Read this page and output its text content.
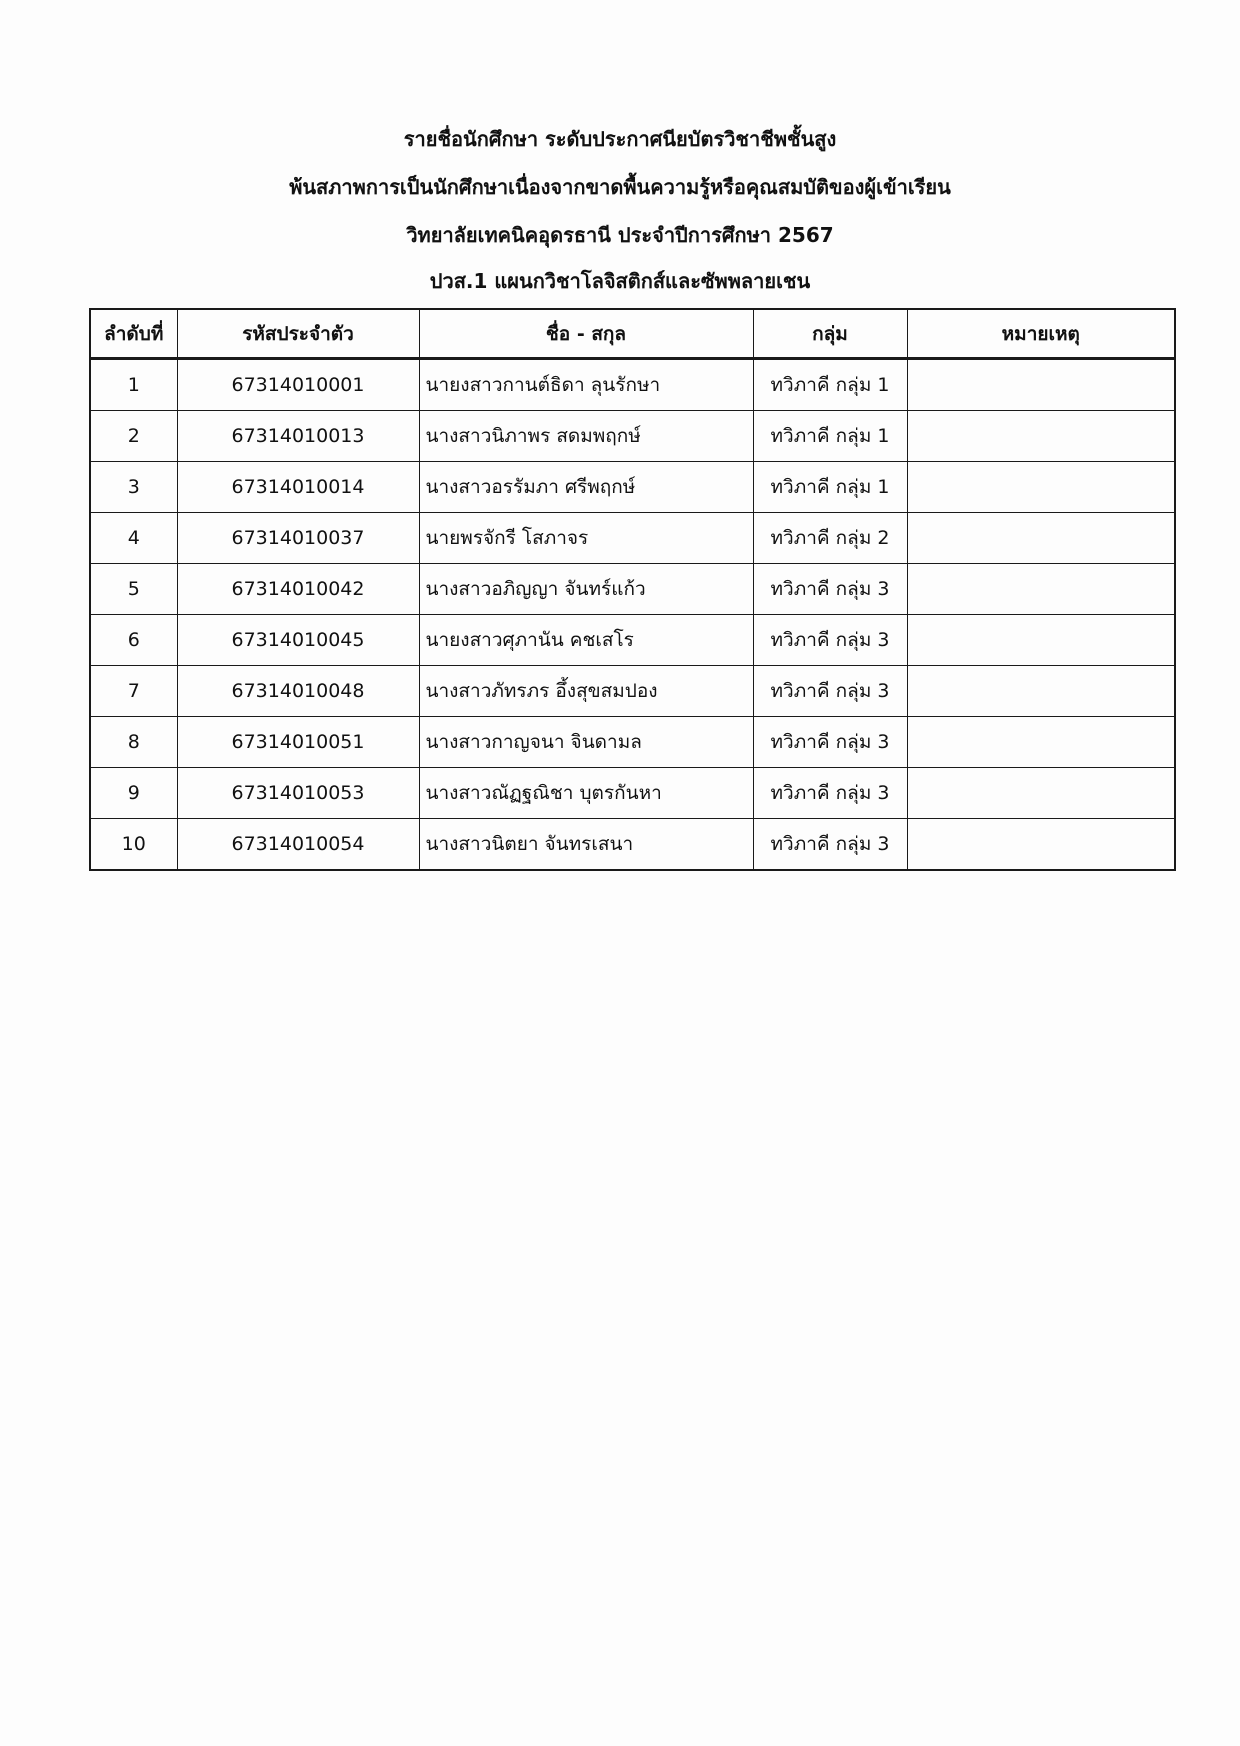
รายชื่อนักศึกษา ระดับประกาศนียบัตรวิชาชีพชั้นสูง
พ้นสภาพการเป็นนักศึกษาเนื่องจากขาดพื้นความรู้หรือคุณสมบัติของผู้เข้าเรียน
วิทยาลัยเทคนิคอุดรธานี ประจำปีการศึกษา 2567
ปวส.1 แผนกวิชาโลจิสติกส์และซัพพลายเชน
ลำดับที่	รหัสประจำตัว	ชื่อ - สกุล	กลุ่ม	หมายเหตุ
1	67314010001	นายงสาวกานต์ธิดา ลุนรักษา	ทวิภาคี กลุ่ม 1	
2	67314010013	นางสาวนิภาพร สดมพฤกษ์	ทวิภาคี กลุ่ม 1	
3	67314010014	นางสาวอรรัมภา ศรีพฤกษ์	ทวิภาคี กลุ่ม 1	
4	67314010037	นายพรจักรี โสภาจร	ทวิภาคี กลุ่ม 2	
5	67314010042	นางสาวอภิญญา จันทร์แก้ว	ทวิภาคี กลุ่ม 3	
6	67314010045	นายงสาวศุภานัน คชเสโร	ทวิภาคี กลุ่ม 3	
7	67314010048	นางสาวภัทรภร อึ้งสุขสมปอง	ทวิภาคี กลุ่ม 3	
8	67314010051	นางสาวกาญจนา จินดามล	ทวิภาคี กลุ่ม 3	
9	67314010053	นางสาวณัฏฐณิชา บุตรกันหา	ทวิภาคี กลุ่ม 3	
10	67314010054	นางสาวนิตยา จันทรเสนา	ทวิภาคี กลุ่ม 3	
